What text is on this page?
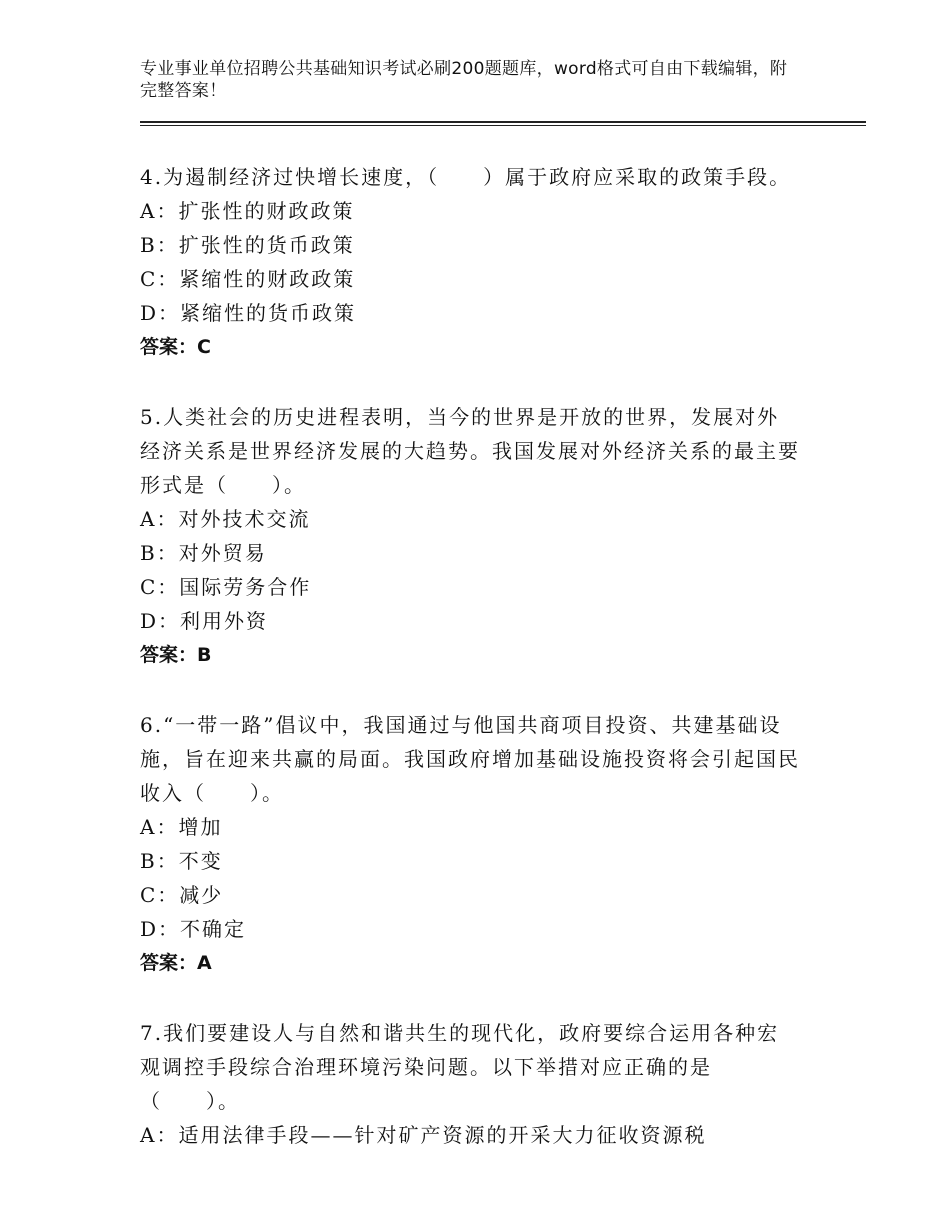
专业事业单位招聘公共基础知识考试必刷200题题库，word格式可自由下载编辑，附完整答案！

4.为遏制经济过快增长速度，（　　）属于政府应采取的政策手段。

A：扩张性的财政政策

B：扩张性的货币政策

C：紧缩性的财政政策

D：紧缩性的货币政策

答案：C

5.人类社会的历史进程表明，当今的世界是开放的世界，发展对外经济关系是世界经济发展的大趋势。我国发展对外经济关系的最主要形式是（　　）。

A：对外技术交流

B：对外贸易

C：国际劳务合作

D：利用外资

答案：B

6.“一带一路”倡议中，我国通过与他国共商项目投资、共建基础设施，旨在迎来共赢的局面。我国政府增加基础设施投资将会引起国民收入（　　）。

A：增加

B：不变

C：减少

D：不确定

答案：A

7.我们要建设人与自然和谐共生的现代化，政府要综合运用各种宏观调控手段综合治理环境污染问题。以下举措对应正确的是（　　）。

A：适用法律手段——针对矿产资源的开采大力征收资源税
